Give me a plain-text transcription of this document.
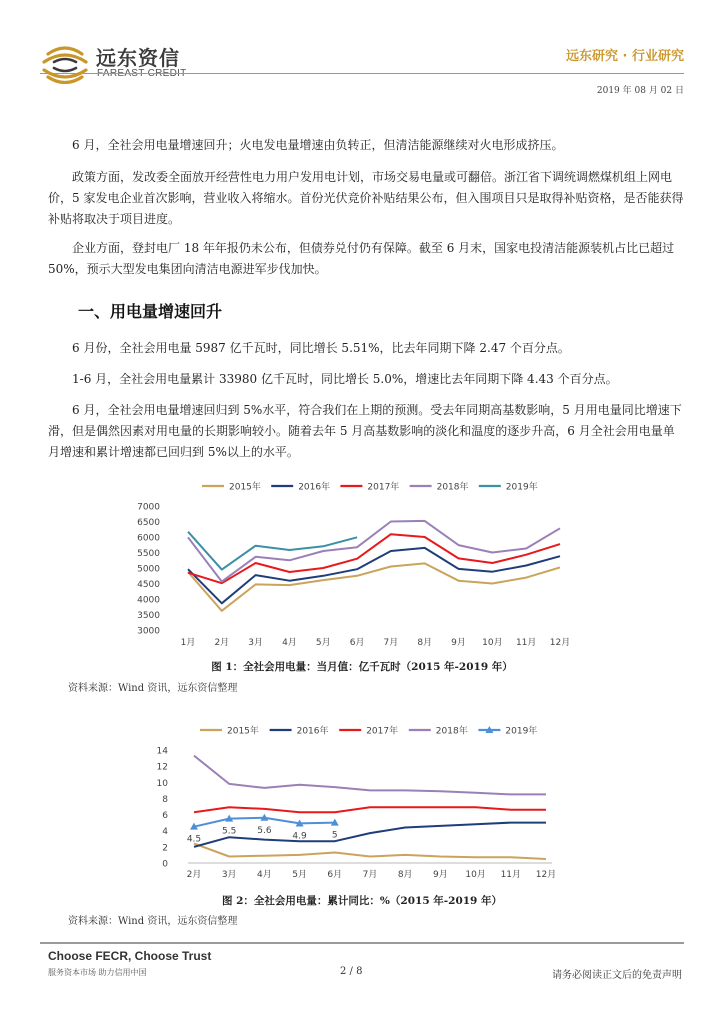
远东资信	远东研究 · 行业研究
2019 年 08 月 02 日

6 月，全社会用电量增速回升；火电发电量增速由负转正，但清洁能源继续对火电形成挤压。

政策方面，发改委全面放开经营性电力用户发用电计划，市场交易电量或可翻倍。浙江省下调统调燃煤机组上网电价，5 家发电企业首次影响，营业收入将缩水。首份光伏竞价补贴结果公布，但入围项目只是取得补贴资格，是否能获得补贴将取决于项目进度。

企业方面，登封电厂 18 年年报仍未公布，但债券兑付仍有保障。截至 6 月末，国家电投清洁能源装机占比已超过 50%，预示大型发电集团向清洁电源进军步伐加快。

一、用电量增速回升

6 月份，全社会用电量 5987 亿千瓦时，同比增长 5.51%，比去年同期下降 2.47 个百分点。

1-6 月，全社会用电量累计 33980 亿千瓦时，同比增长 5.0%，增速比去年同期下降 4.43 个百分点。

6 月，全社会用电量增速回归到 5%水平，符合我们在上期的预测。受去年同期高基数影响，5 月用电量同比增速下滑，但是偶然因素对用电量的长期影响较小。随着去年 5 月高基数影响的淡化和温度的逐步升高，6 月全社会用电量单月增速和累计增速都已回归到 5%以上的水平。

2015年	2016年	2017年	2018年	2019年
3000
3500
4000
4500
5000
5500
6000
6500
7000
1月 2月 3月 4月 5月 6月 7月 8月 9月 10月 11月 12月
图 1：全社会用电量：当月值：亿千瓦时（2015 年-2019 年）
资料来源：Wind 资讯，远东资信整理
2015年	2016年	2017年	2018年	2019年
0
2
4
6
8
10
12
14
2月 3月 4月 5月 6月 7月 8月 9月 10月 11月 12月
4.5
5.5 5.6
4.9	5
图 2：全社会用电量：累计同比：%（2015 年-2019 年）
资料来源：Wind 资讯，远东资信整理
Choose FECR, Choose Trust
服务资本市场 助力信用中国	2 / 8	请务必阅读正文后的免责声明
